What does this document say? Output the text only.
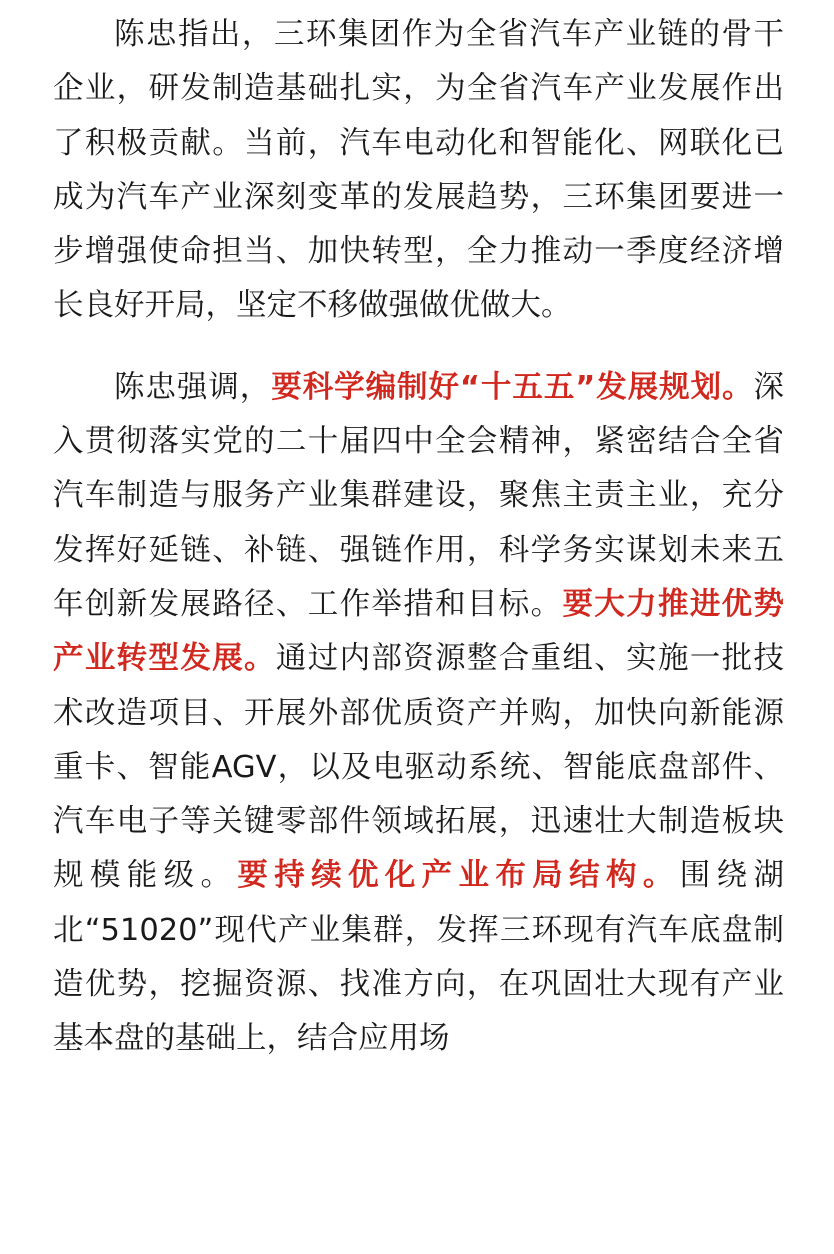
陈忠指出，三环集团作为全省汽车产业链的骨干企业，研发制造基础扎实，为全省汽车产业发展作出了积极贡献。当前，汽车电动化和智能化、网联化已成为汽车产业深刻变革的发展趋势，三环集团要进一步增强使命担当、加快转型，全力推动一季度经济增长良好开局，坚定不移做强做优做大。

陈忠强调，要科学编制好“十五五”发展规划。深入贯彻落实党的二十届四中全会精神，紧密结合全省汽车制造与服务产业集群建设，聚焦主责主业，充分发挥好延链、补链、强链作用，科学务实谋划未来五年创新发展路径、工作举措和目标。要大力推进优势产业转型发展。通过内部资源整合重组、实施一批技术改造项目、开展外部优质资产并购，加快向新能源重卡、智能AGV，以及电驱动系统、智能底盘部件、汽车电子等关键零部件领域拓展，迅速壮大制造板块规模能级。要持续优化产业布局结构。围绕湖北“51020”现代产业集群，发挥三环现有汽车底盘制造优势，挖掘资源、找准方向，在巩固壮大现有产业基本盘的基础上，结合应用场
